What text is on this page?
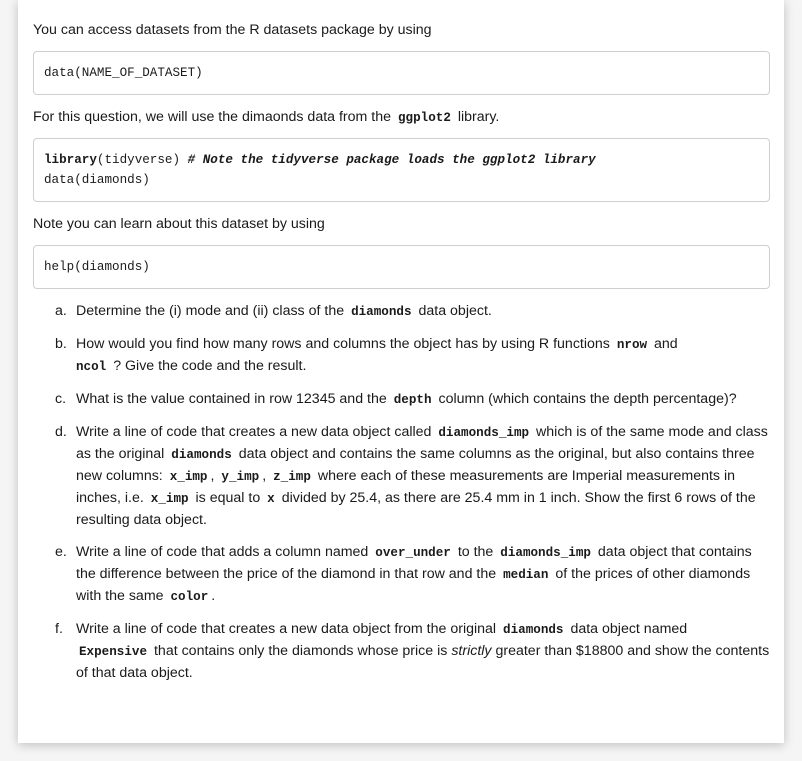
You can access datasets from the R datasets package by using

data(NAME_OF_DATASET)

For this question, we will use the dimaonds data from the ggplot2 library.

library(tidyverse) # Note the tidyverse package loads the ggplot2 library
data(diamonds)

Note you can learn about this dataset by using

help(diamonds)
a. Determine the (i) mode and (ii) class of the diamonds data object.
b. How would you find how many rows and columns the object has by using R functions nrow and
ncol ? Give the code and the result.
c. What is the value contained in row 12345 and the depth column (which contains the depth percentage)?
d. Write a line of code that creates a new data object called diamonds_imp which is of the same mode and class as the original diamonds data object and contains the same columns as the original, but also contains three new columns: x_imp , y_imp , z_imp where each of these measurements are Imperial measurements in inches, i.e. x_imp is equal to x divided by 25.4, as there are 25.4 mm in 1 inch. Show the first 6 rows of the resulting data object.
e. Write a line of code that adds a column named over_under to the diamonds_imp data object that contains the difference between the price of the diamond in that row and the median of the prices of other diamonds with the same color .
f. Write a line of code that creates a new data object from the original diamonds data object named
Expensive that contains only the diamonds whose price is strictly greater than $18800 and show the contents of that data object.
